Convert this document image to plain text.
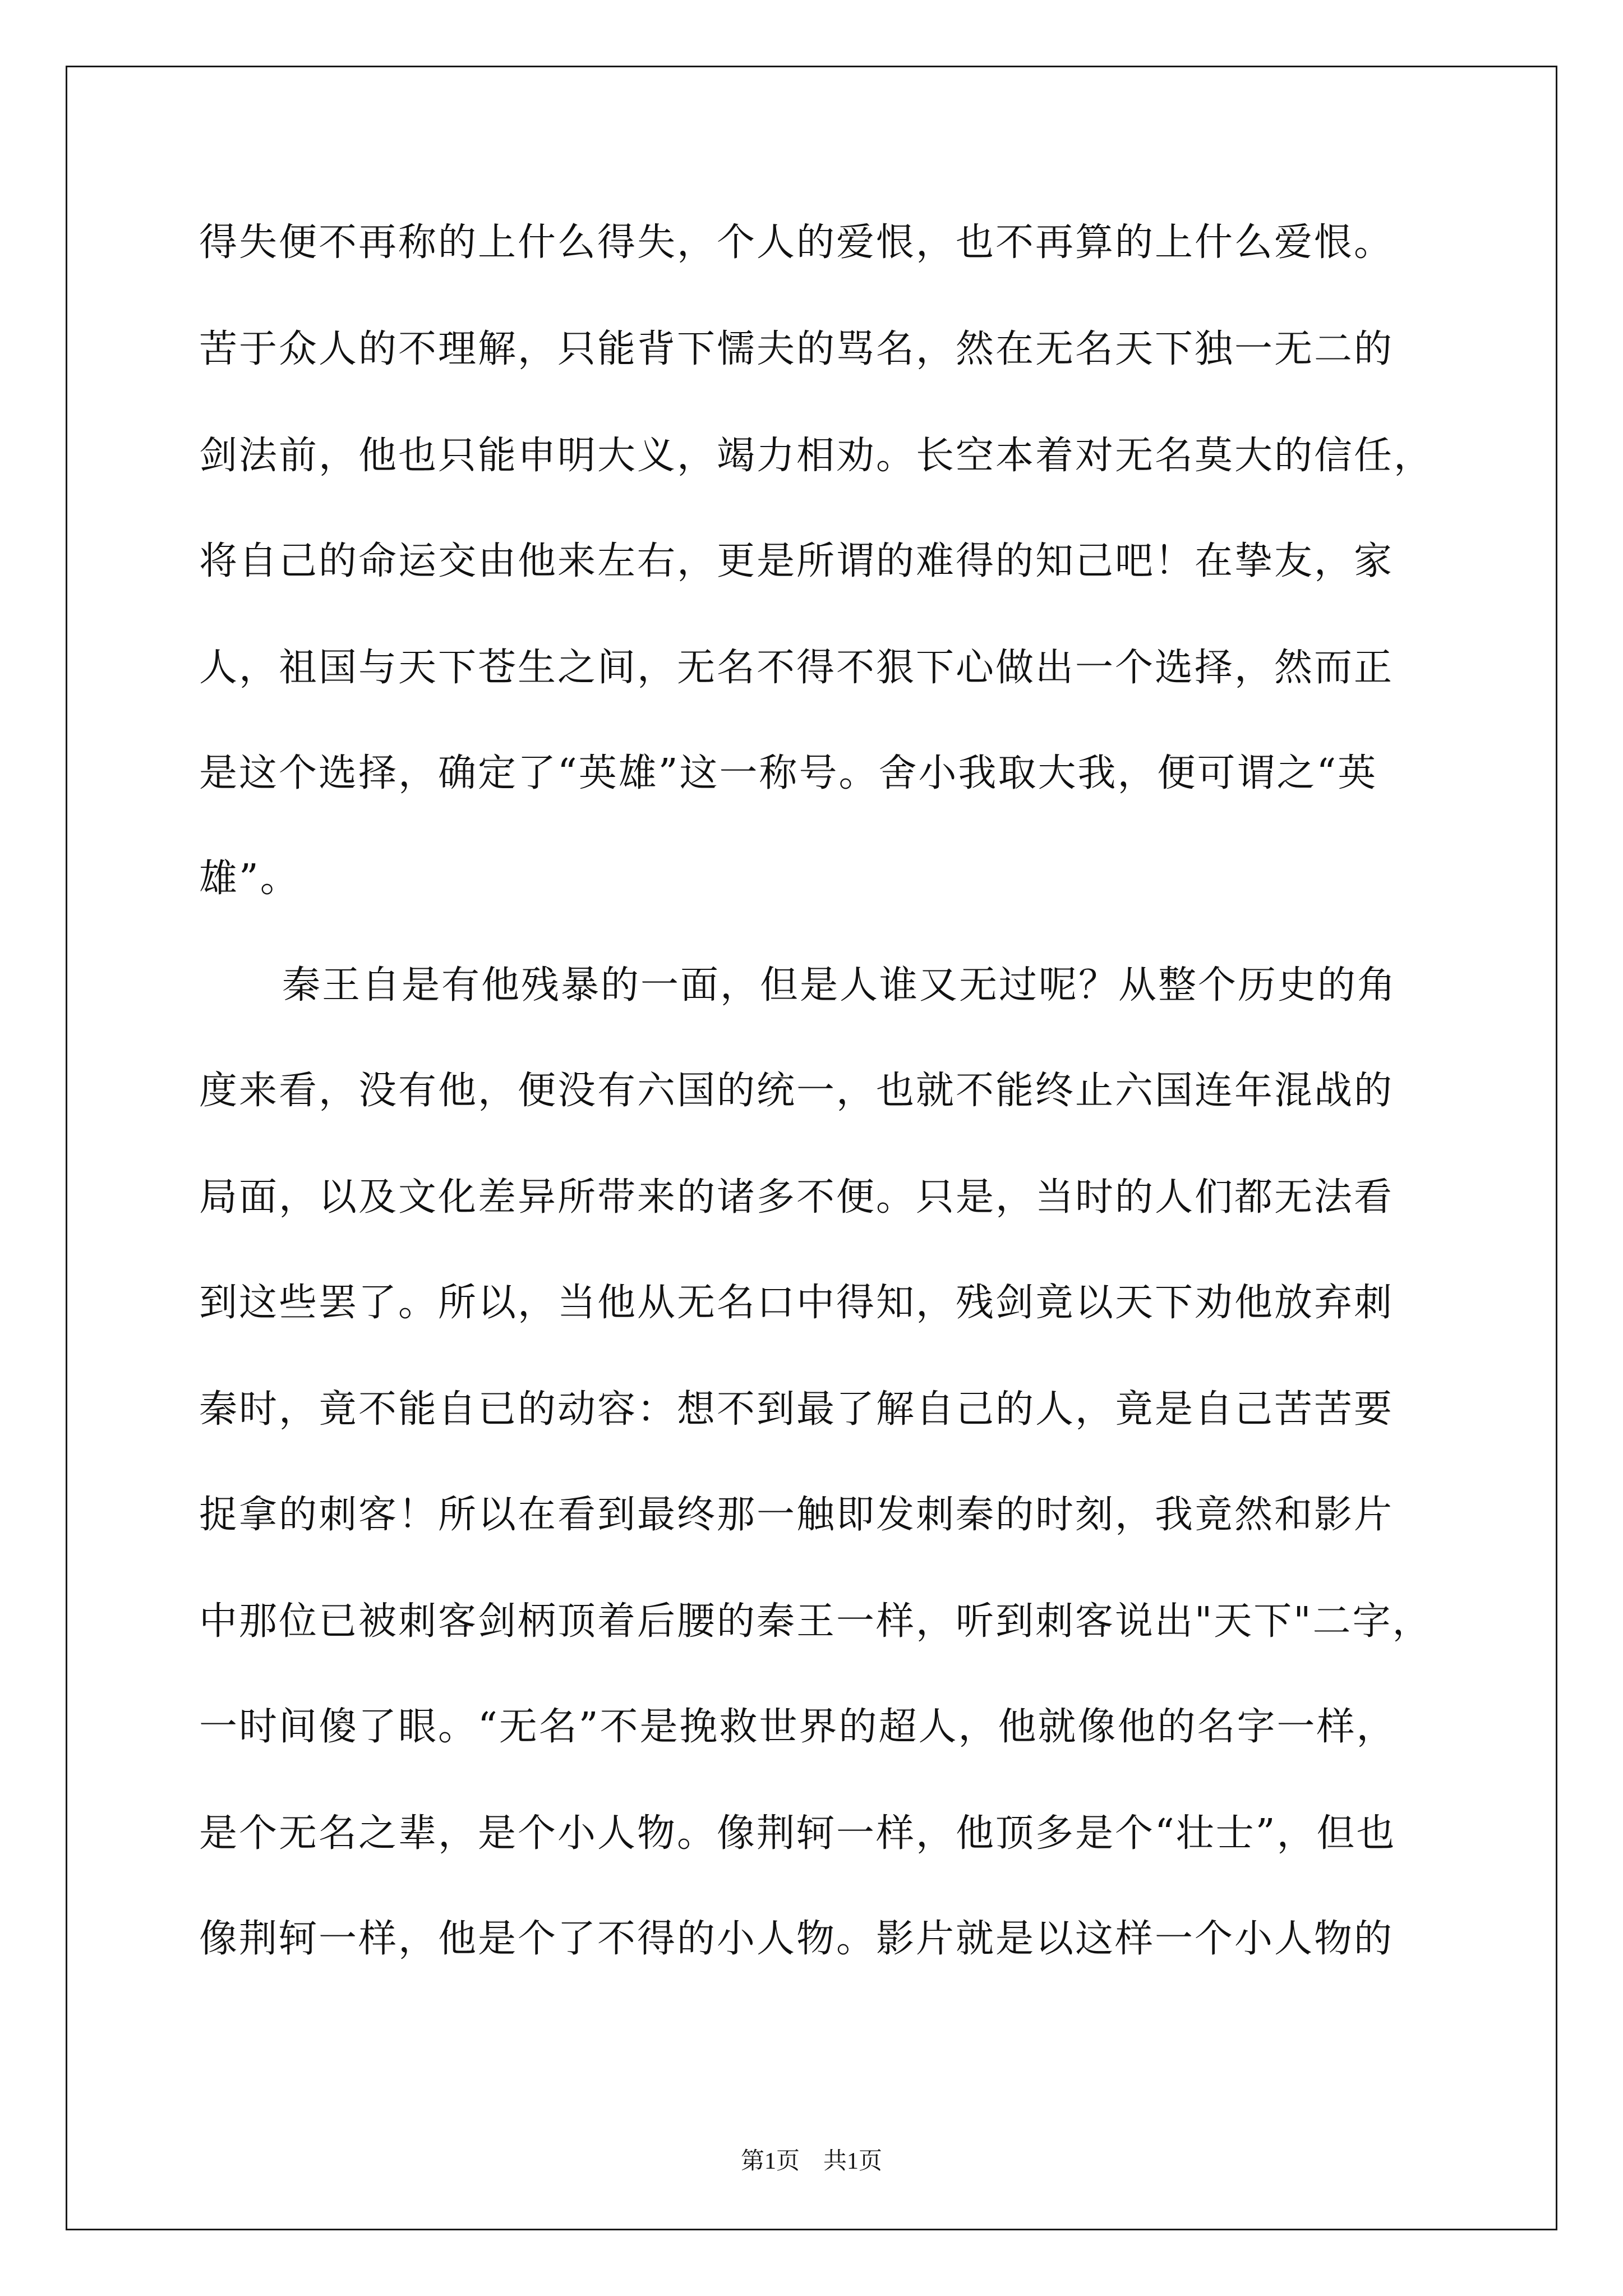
得失便不再称的上什么得失，个人的爱恨，也不再算的上什么爱恨。
苦于众人的不理解，只能背下懦夫的骂名，然在无名天下独一无二的
剑法前，他也只能申明大义，竭力相劝。长空本着对无名莫大的信任，
将自己的命运交由他来左右，更是所谓的难得的知己吧！在挚友，家
人，祖国与天下苍生之间，无名不得不狠下心做出一个选择，然而正
是这个选择，确定了“英雄”这一称号。舍小我取大我，便可谓之“英
雄”。
秦王自是有他残暴的一面，但是人谁又无过呢？从整个历史的角
度来看，没有他，便没有六国的统一，也就不能终止六国连年混战的
局面，以及文化差异所带来的诸多不便。只是，当时的人们都无法看
到这些罢了。所以，当他从无名口中得知，残剑竟以天下劝他放弃刺
秦时，竟不能自已的动容：想不到最了解自己的人，竟是自己苦苦要
捉拿的刺客！所以在看到最终那一触即发刺秦的时刻，我竟然和影片
中那位已被刺客剑柄顶着后腰的秦王一样，听到刺客说出"天下"二字，
一时间傻了眼。“无名”不是挽救世界的超人，他就像他的名字一样，
是个无名之辈，是个小人物。像荆轲一样，他顶多是个“壮士”，但也
像荆轲一样，他是个了不得的小人物。影片就是以这样一个小人物的
第1页　共1页
